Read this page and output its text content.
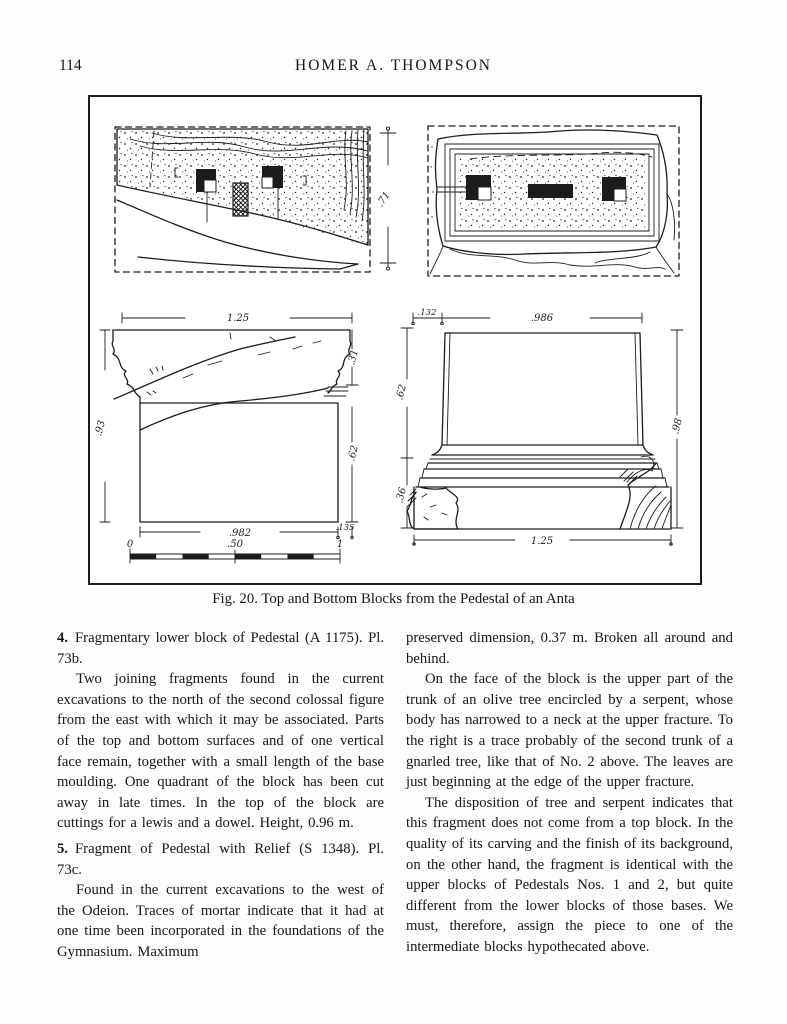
114	HOMER A. THOMPSON
.71
1.25
.93
.982	.135
.31
.62
0	.50	1
.132	.986
.62
.36
.98
1.25
Fig. 20. Top and Bottom Blocks from the Pedestal of an Anta

4. Fragmentary lower block of Pedestal (A 1175). Pl. 73b.

Two joining fragments found in the current excavations to the north of the second colossal figure from the east with which it may be associated. Parts of the top and bottom surfaces and of one vertical face remain, together with a small length of the base moulding. One quadrant of the block has been cut away in late times. In the top of the block are cuttings for a lewis and a dowel. Height, 0.96 m.

5. Fragment of Pedestal with Relief (S 1348). Pl. 73c.

Found in the current excavations to the west of the Odeion. Traces of mortar indicate that it had at one time been incorporated in the foundations of the Gymnasium. Maximum

preserved dimension, 0.37 m. Broken all around and behind.

On the face of the block is the upper part of the trunk of an olive tree encircled by a serpent, whose body has narrowed to a neck at the upper fracture. To the right is a trace probably of the second trunk of a gnarled tree, like that of No. 2 above. The leaves are just beginning at the edge of the upper fracture.

The disposition of tree and serpent indicates that this fragment does not come from a top block. In the quality of its carving and the finish of its background, on the other hand, the fragment is identical with the upper blocks of Pedestals Nos. 1 and 2, but quite different from the lower blocks of those bases. We must, therefore, assign the piece to one of the intermediate blocks hypothecated above.
